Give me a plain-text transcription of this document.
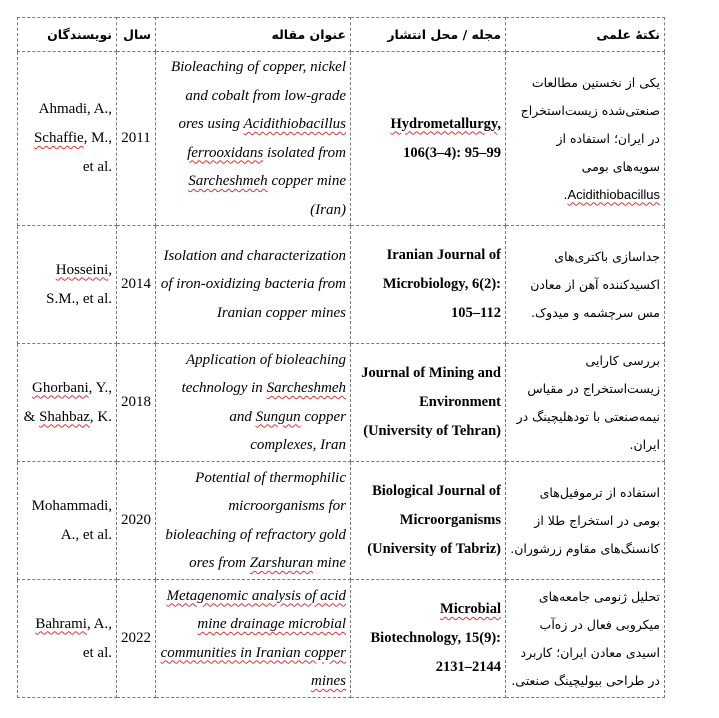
نویسندگان	سال	عنوان مقاله	مجله / محل انتشار	نکتهٔ علمی
Ahmadi, A., Schaffie, M., et al.	2011	Bioleaching of copper, nickel and cobalt from low-grade ores using Acidithiobacillus ferrooxidans isolated from Sarcheshmeh copper mine (Iran)	Hydrometallurgy, 106(3–4): 95–99	یکی از نخستین مطالعات صنعتی‌شده زیست‌استخراج در ایران؛ استفاده از سویه‌های بومی Acidithiobacillus.
Hosseini, S.M., et al.	2014	Isolation and characterization of iron-oxidizing bacteria from Iranian copper mines	Iranian Journal of Microbiology, 6(2): 105–112	جداسازی باکتری‌های اکسیدکننده آهن از معادن مس سرچشمه و میدوک.
Ghorbani, Y., & Shahbaz, K.	2018	Application of bioleaching technology in Sarcheshmeh and Sungun copper complexes, Iran	Journal of Mining and Environment (University of Tehran)	بررسی کارایی زیست‌استخراج در مقیاس نیمه‌صنعتی با تودهلیچینگ در ایران.
Mohammadi, A., et al.	2020	Potential of thermophilic microorganisms for bioleaching of refractory gold ores from Zarshuran mine	Biological Journal of Microorganisms (University of Tabriz)	استفاده از ترموفیل‌های بومی در استخراج طلا از کانسنگ‌های مقاوم زرشوران.
Bahrami, A., et al.	2022	Metagenomic analysis of acid mine drainage microbial communities in Iranian copper mines	Microbial Biotechnology, 15(9): 2131–2144	تحلیل ژنومی جامعه‌های میکروبی فعال در زه‌آب اسیدی معادن ایران؛ کاربرد در طراحی بیولیچینگ صنعتی.
